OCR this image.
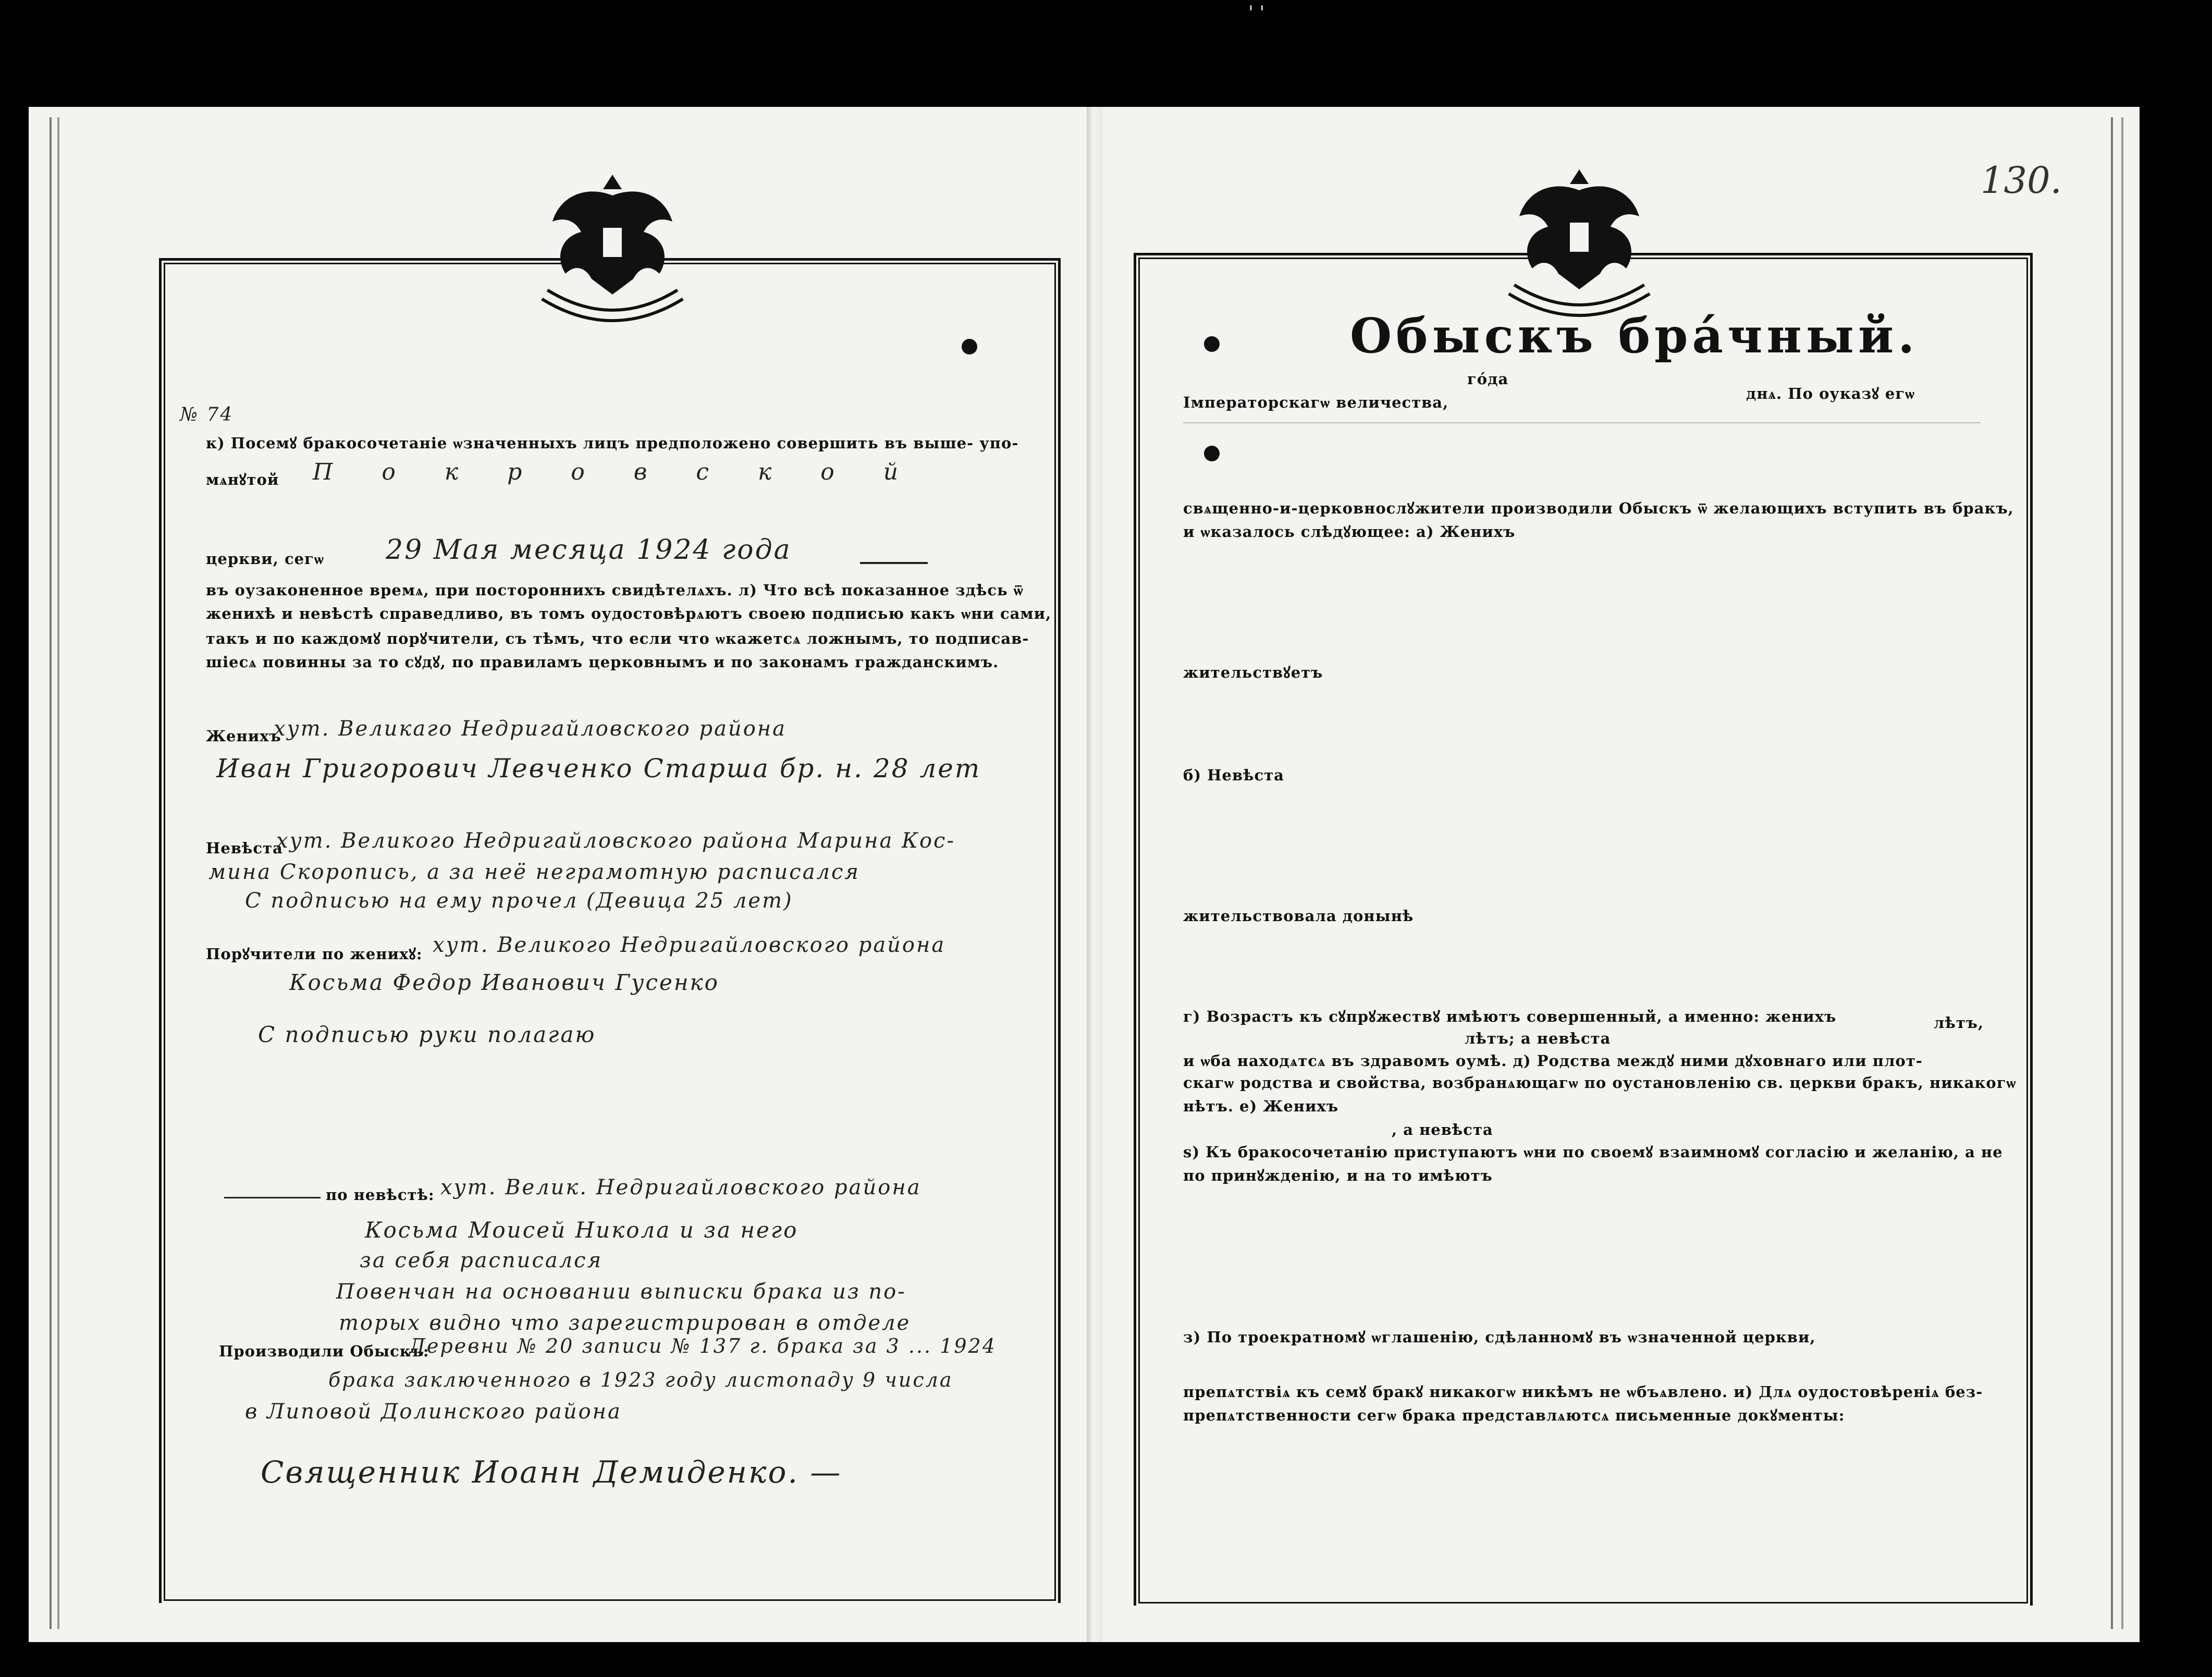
' '
130.
Обыскъ бра́чный.
го́да
Імператорскагѡ величества,	днѧ. По оуказꙋ егѡ
свѧщенно-и-церковнослꙋжители производили Обыскъ ѿ желающихъ вступить въ бракъ,
и ѡказалось слѣдꙋющее: а) Женихъ
жительствꙋетъ
б) Невѣста
жительствовала донынѣ
г) Возрастъ къ сꙋпрꙋжествꙋ имѣютъ совершенный, а именно: женихъ	лѣтъ,
лѣтъ; а невѣста
и ѡба находѧтсѧ въ здравомъ оумѣ. д) Родства междꙋ ними дꙋховнаго или плот-
скагѡ родства и свойства, возбранѧющагѡ по оустановленію св. церкви бракъ, никакогѡ
нѣтъ. е) Женихъ
, а невѣста
ѕ) Къ бракосочетанію приступаютъ ѡни по своемꙋ взаимномꙋ согласію и желанію, а не
по принꙋжденію, и на то имѣютъ
з) По троекратномꙋ ѡглашенію, сдѣланномꙋ въ ѡзначенной церкви,
препѧтствіѧ къ семꙋ бракꙋ никакогѡ никѣмъ не ѡбъѧвлено. и) Длѧ оудостовѣреніѧ без-
препѧтственности сегѡ брака представлѧютсѧ письменные докꙋменты:
№ 74
к) Посемꙋ бракосочетаніе ѡзначенныхъ лицъ предположено совершить въ выше- упо-
мѧнꙋтой П о к р о в с к о й
церкви, сегѡ 29 Мая месяца 1924 года
въ оузаконенное времѧ, при постороннихъ свидѣтелѧхъ. л) Что всѣ показанное здѣсь ѿ
женихѣ и невѣстѣ справедливо, въ томъ оудостовѣрѧютъ своею подписью какъ ѡни сами,
такъ и по каждомꙋ порꙋчители, съ тѣмъ, что если что ѡкажетсѧ ложнымъ, то подписав-
шіесѧ повинны за то сꙋдꙋ, по правиламъ церковнымъ и по законамъ гражданскимъ.
Женихъ
хут. Великаго Недригайловского района
Иван Григорович Левченко Старша бр. н. 28 лет
Невѣста
хут. Великого Недригайловского района Марина Кос-
мина Скоропись, а за неё неграмотную расписался
С подписью на ему прочел (Девица 25 лет)
Порꙋчители по женихꙋ: хут. Великого Недригайловского района
Косьма Федор Иванович Гусенко
С подписью руки полагаю
по невѣстѣ: хут. Велик. Недригайловского района
Косьма Моисей Никола и за него
за себя расписался
Повенчан на основании выписки брака из по-
торых видно что зарегистрирован в отделе
Производили Обыскъ:
Деревни № 20 записи № 137 г. брака за 3 ... 1924
брака заключенного в 1923 году листопаду 9 числа
в Липовой Долинского района
Священник Иоанн Демиденко. —
